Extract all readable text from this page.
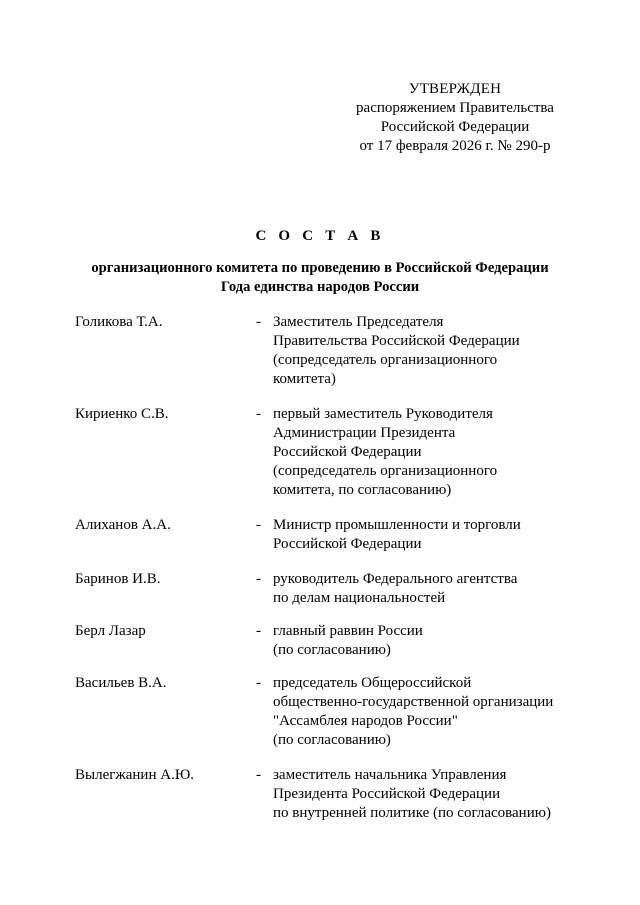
УТВЕРЖДЕН
распоряжением Правительства
Российской Федерации
от 17 февраля 2026 г. № 290-р
С О С Т А В
организационного комитета по проведению в Российской Федерации
Года единства народов России
Голикова Т.А.	- Заместитель Председателя
Правительства Российской Федерации
(сопредседатель организационного
комитета)
Кириенко С.В.	- первый заместитель Руководителя
Администрации Президента
Российской Федерации
(сопредседатель организационного
комитета, по согласованию)
Алиханов А.А.	- Министр промышленности и торговли
Российской Федерации
Баринов И.В.	- руководитель Федерального агентства
по делам национальностей
Берл Лазар	- главный раввин России
(по согласованию)
Васильев В.А.	- председатель Общероссийской
общественно-государственной организации
"Ассамблея народов России"
(по согласованию)
Вылегжанин А.Ю.	- заместитель начальника Управления
Президента Российской Федерации
по внутренней политике (по согласованию)
